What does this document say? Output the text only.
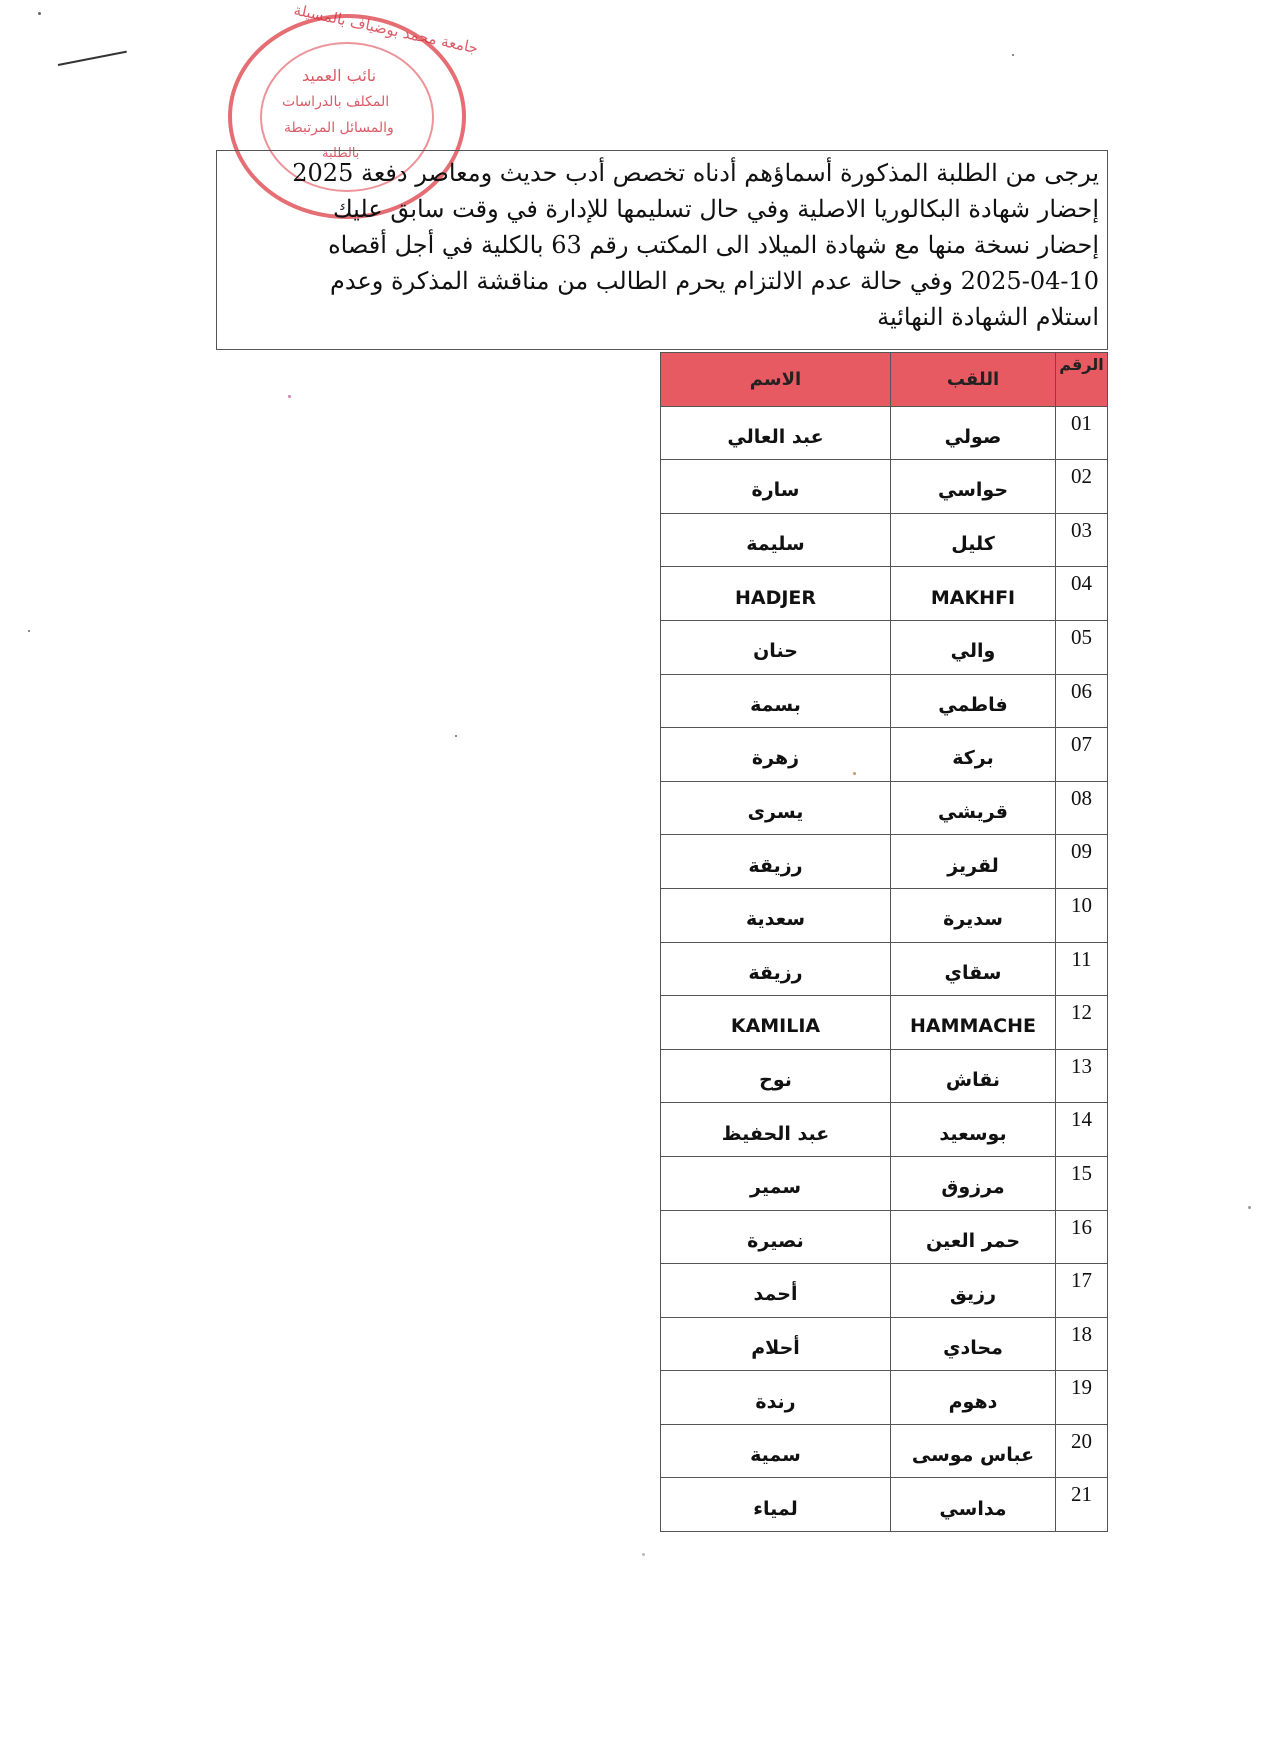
جامعة محمد بوضياف بالمسيلة
نائب العميد
المكلف بالدراسات
والمسائل المرتبطة
بالطلبة
يرجى من الطلبة المذكورة أسماؤهم أدناه تخصص أدب حديث ومعاصر دفعة 2025
إحضار شهادة البكالوريا الاصلية وفي حال تسليمها للإدارة في وقت سابق عليك
إحضار نسخة منها مع شهادة الميلاد الى المكتب رقم 63 بالكلية في أجل أقصاه
2025-04-10 وفي حالة عدم الالتزام يحرم الطالب من مناقشة المذكرة وعدم
استلام الشهادة النهائية
الرقم	اللقب	الاسم
01	صولي	عبد العالي
02	حواسي	سارة
03	كليل	سليمة
04	MAKHFI	HADJER
05	والي	حنان
06	فاطمي	بسمة
07	بركة	زهرة
08	قريشي	يسرى
09	لقريز	رزيقة
10	سديرة	سعدية
11	سقاي	رزيقة
12	HAMMACHE	KAMILIA
13	نقاش	نوح
14	بوسعيد	عبد الحفيظ
15	مرزوق	سمير
16	حمر العين	نصيرة
17	رزيق	أحمد
18	محادي	أحلام
19	دهوم	رندة
20	عباس موسى	سمية
21	مداسي	لمياء
